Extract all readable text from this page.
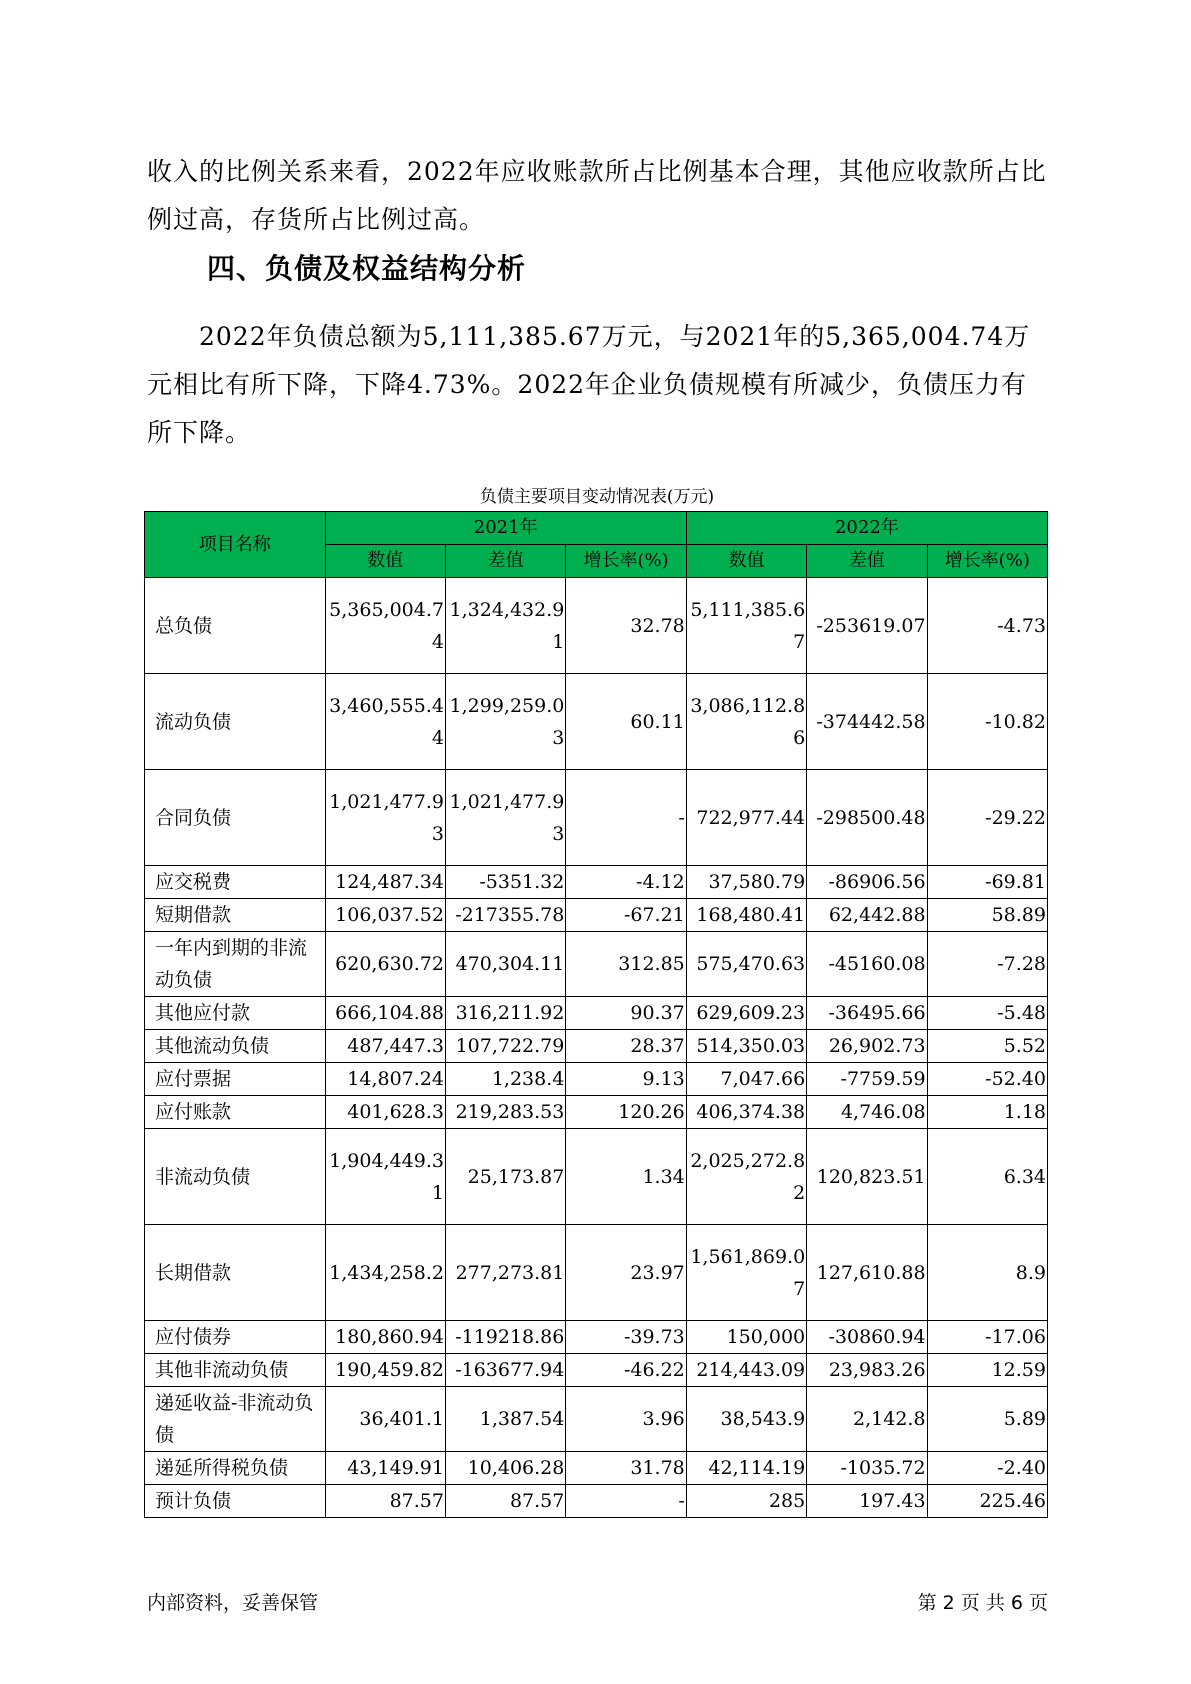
收入的比例关系来看，2022年应收账款所占比例基本合理，其他应收款所占比例过高，存货所占比例过高。

四、负债及权益结构分析

2022年负债总额为5,111,385.67万元，与2021年的5,365,004.74万元相比有所下降，下降4.73%。2022年企业负债规模有所减少，负债压力有所下降。

负债主要项目变动情况表(万元)

项目名称	2021年			2022年		
	数值	差值	增长率(%)	数值	差值	增长率(%)
总负债	5,365,004.74	1,324,432.91	32.78	5,111,385.67	-253619.07	-4.73
流动负债	3,460,555.44	1,299,259.03	60.11	3,086,112.86	-374442.58	-10.82
合同负债	1,021,477.93	1,021,477.93	-	722,977.44	-298500.48	-29.22
应交税费	124,487.34	-5351.32	-4.12	37,580.79	-86906.56	-69.81
短期借款	106,037.52	-217355.78	-67.21	168,480.41	62,442.88	58.89
一年内到期的非流动负债	620,630.72	470,304.11	312.85	575,470.63	-45160.08	-7.28
其他应付款	666,104.88	316,211.92	90.37	629,609.23	-36495.66	-5.48
其他流动负债	487,447.3	107,722.79	28.37	514,350.03	26,902.73	5.52
应付票据	14,807.24	1,238.4	9.13	7,047.66	-7759.59	-52.40
应付账款	401,628.3	219,283.53	120.26	406,374.38	4,746.08	1.18
非流动负债	1,904,449.31	25,173.87	1.34	2,025,272.82	120,823.51	6.34
长期借款	1,434,258.2	277,273.81	23.97	1,561,869.07	127,610.88	8.9
应付债券	180,860.94	-119218.86	-39.73	150,000	-30860.94	-17.06
其他非流动负债	190,459.82	-163677.94	-46.22	214,443.09	23,983.26	12.59
递延收益-非流动负债	36,401.1	1,387.54	3.96	38,543.9	2,142.8	5.89
递延所得税负债	43,149.91	10,406.28	31.78	42,114.19	-1035.72	-2.40
预计负债	87.57	87.57	-	285	197.43	225.46

内部资料，妥善保管	第 2 页 共 6 页
